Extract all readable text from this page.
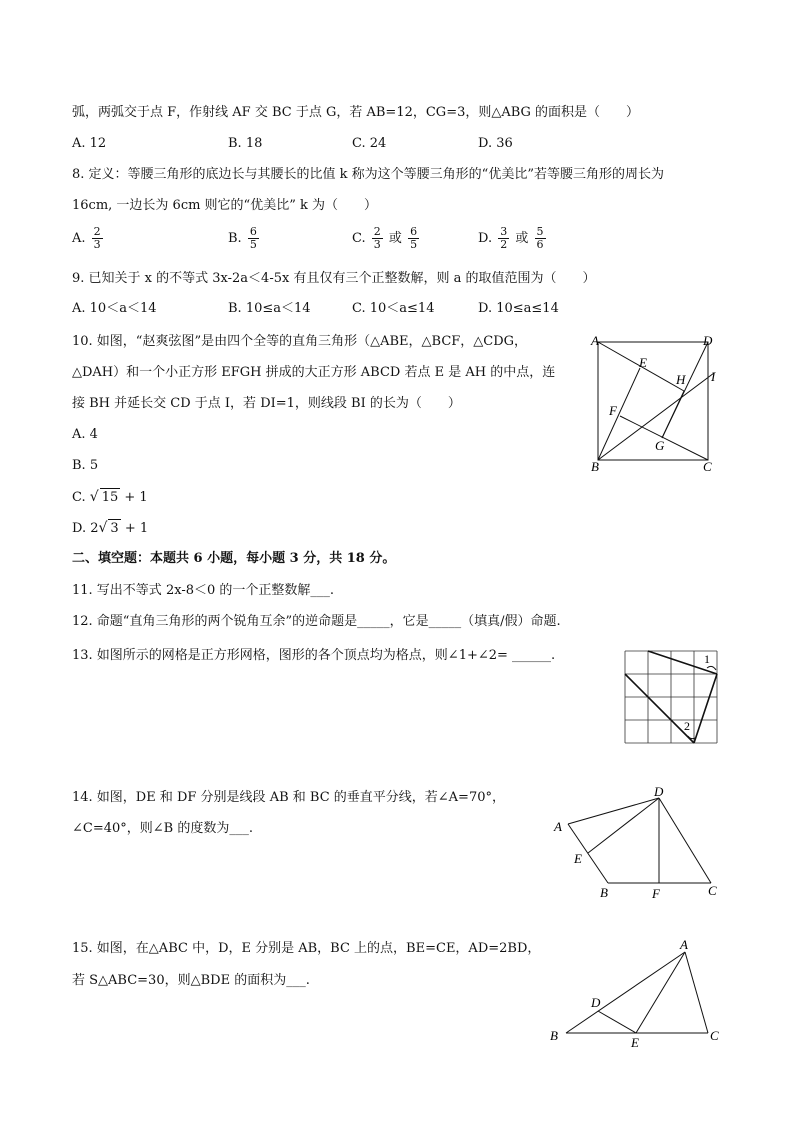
弧，两弧交于点 F，作射线 AF 交 BC 于点 G，若 AB=12，CG=3，则△ABG 的面积是（　　）
A. 12	B. 18	C. 24	D. 36
8. 定义：等腰三角形的底边长与其腰长的比值 k 称为这个等腰三角形的“优美比”若等腰三角形的周长为
16cm, 一边长为 6cm 则它的“优美比” k 为（　　）
A. $\frac{2}{3}$	B. $\frac{6}{5}$	C. $\frac{2}{3}$ 或 $\frac{6}{5}$	D. $\frac{3}{2}$ 或 $\frac{5}{6}$
9. 已知关于 x 的不等式 3x-2a＜4-5x 有且仅有三个正整数解，则 a 的取值范围为（　　）
A. 10＜a＜14	B. 10≤a＜14	C. 10＜a≤14	D. 10≤a≤14
10. 如图，“赵爽弦图”是由四个全等的直角三角形（△ABE，△BCF，△CDG，
△DAH）和一个小正方形 EFGH 拼成的大正方形 ABCD 若点 E 是 AH 的中点，连
接 BH 并延长交 CD 于点 I，若 DI=1，则线段 BI 的长为（　　）
A. 4
B. 5
C. √ 15 + 1
D. 2√ 3 + 1
A	D
B	C
E
H I
F
G
二、填空题：本题共 6 小题，每小题 3 分，共 18 分。
11. 写出不等式 2x-8＜0 的一个正整数解___.
12. 命题“直角三角形的两个锐角互余”的逆命题是_____，它是_____（填真/假）命题.
13. 如图所示的网格是正方形网格，图形的各个顶点均为格点，则∠1+∠2= ______.	1
2
14. 如图，DE 和 DF 分别是线段 AB 和 BC 的垂直平分线，若∠A=70°，
∠C=40°，则∠B 的度数为___.	A
D
E
B	F	C
15. 如图，在△ABC 中，D，E 分别是 AB，BC 上的点，BE=CE，AD=2BD，
若 S△ABC=30，则△BDE 的面积为___.
A
D
B	E	C
